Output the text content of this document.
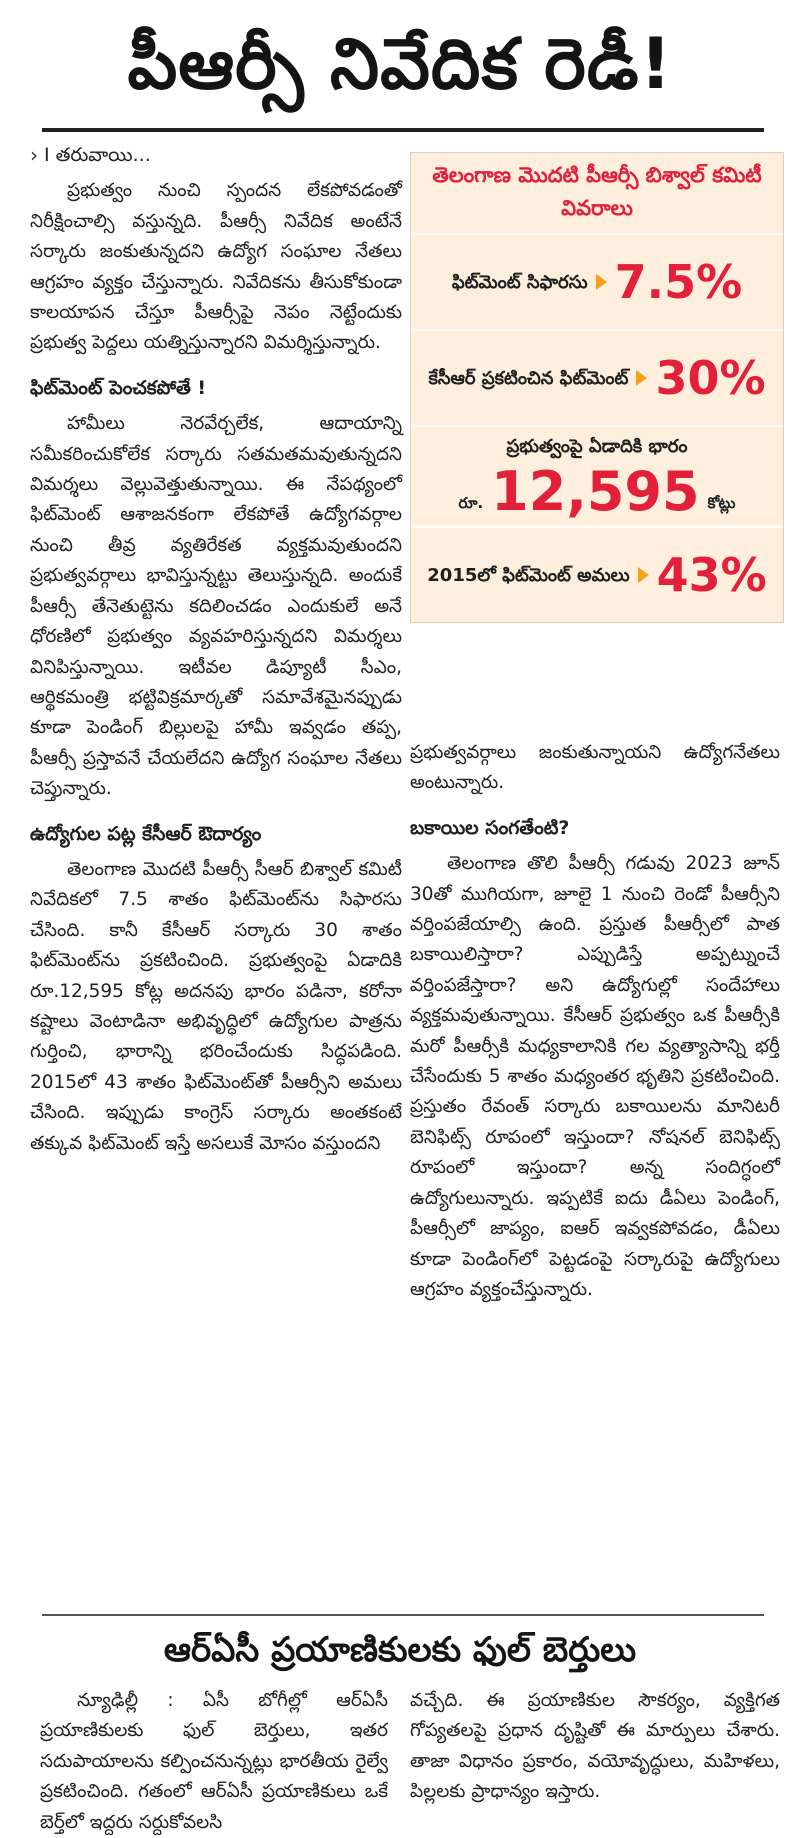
పీఆర్సీ నివేదిక రెడీ!
› I తరువాయి...

ప్రభుత్వం నుంచి స్పందన లేకపోవడంతో నిరీక్షించాల్సి వస్తున్నది. పీఆర్సీ నివేదిక అంటేనే సర్కారు జంకుతున్నదని ఉద్యోగ సంఘాల నేతలు ఆగ్రహం వ్యక్తం చేస్తున్నారు. నివేదికను తీసుకోకుండా కాలయాపన చేస్తూ పీఆర్సీపై నెపం నెట్టేందుకు ప్రభుత్వ పెద్దలు యత్నిస్తున్నారని విమర్శిస్తున్నారు.

ఫిట్‌మెంట్ పెంచకపోతే !

హామీలు నెరవేర్చలేక, ఆదాయాన్ని సమీకరించుకోలేక సర్కారు సతమతమవుతున్నదని విమర్శలు వెల్లువెత్తుతున్నాయి. ఈ నేపథ్యంలో ఫిట్‌మెంట్ ఆశాజనకంగా లేకపోతే ఉద్యోగవర్గాల నుంచి తీవ్ర వ్యతిరేకత వ్యక్తమవుతుందని ప్రభుత్వవర్గాలు భావిస్తున్నట్టు తెలుస్తున్నది. అందుకే పీఆర్సీ తేనెతుట్టెను కదిలించడం ఎందుకులే అనే ధోరణిలో ప్రభుత్వం వ్యవహరిస్తున్నదని విమర్శలు వినిపిస్తున్నాయి. ఇటీవల డిప్యూటీ సీఎం, ఆర్థికమంత్రి భట్టివిక్రమార్కతో సమావేశమైనప్పుడు కూడా పెండింగ్ బిల్లులపై హామీ ఇవ్వడం తప్ప, పీఆర్సీ ప్రస్తావనే చేయలేదని ఉద్యోగ సంఘాల నేతలు చెప్తున్నారు.

ఉద్యోగుల పట్ల కేసీఆర్ ఔదార్యం

తెలంగాణ మొదటి పీఆర్సీ సీఆర్ బిశ్వాల్ కమిటీ నివేదికలో 7.5 శాతం ఫిట్‌మెంట్‌ను సిఫారసు చేసింది. కానీ కేసీఆర్ సర్కారు 30 శాతం ఫిట్‌మెంట్‌ను ప్రకటించింది. ప్రభుత్వంపై ఏడాదికి రూ.12,595 కోట్ల అదనపు భారం పడినా, కరోనా కష్టాలు వెంటాడినా అభివృద్ధిలో ఉద్యోగుల పాత్రను గుర్తించి, భారాన్ని భరించేందుకు సిద్ధపడింది. 2015లో 43 శాతం ఫిట్‌మెంట్‌తో పీఆర్సీని అమలు చేసింది. ఇప్పుడు కాంగ్రెస్ సర్కారు అంతకంటే తక్కువ ఫిట్‌మెంట్ ఇస్తే అసలుకే మోసం వస్తుందని

తెలంగాణ మొదటి పీఆర్సీ బిశ్వాల్ కమిటీ వివరాలు
ఫిట్‌మెంట్ సిఫారసు 7.5%
కేసీఆర్ ప్రకటించిన ఫిట్‌మెంట్ 30%
ప్రభుత్వంపై ఏడాదికి భారం
రూ. 12,595 కోట్లు
2015లో ఫిట్‌మెంట్ అమలు 43%

ప్రభుత్వవర్గాలు జంకుతున్నాయని ఉద్యోగనేతలు అంటున్నారు.

బకాయిల సంగతేంటి?

తెలంగాణ తొలి పీఆర్సీ గడువు 2023 జూన్ 30తో ముగియగా, జూలై 1 నుంచి రెండో పీఆర్సీని వర్తింపజేయాల్సి ఉంది. ప్రస్తుత పీఆర్సీలో పాత బకాయిలిస్తారా? ఎప్పుడిస్తే అప్పట్నుంచే వర్తింపజేస్తారా? అని ఉద్యోగుల్లో సందేహాలు వ్యక్తమవుతున్నాయి. కేసీఆర్ ప్రభుత్వం ఒక పీఆర్సీకి మరో పీఆర్సీకి మధ్యకాలానికి గల వ్యత్యాసాన్ని భర్తీ చేసేందుకు 5 శాతం మధ్యంతర భృతిని ప్రకటించింది. ప్రస్తుతం రేవంత్ సర్కారు బకాయిలను మానిటరీ బెనిఫిట్స్ రూపంలో ఇస్తుందా? నోషనల్ బెనిఫిట్స్ రూపంలో ఇస్తుందా? అన్న సందిగ్ధంలో ఉద్యోగులున్నారు. ఇప్పటికే ఐదు డీఏలు పెండింగ్, పీఆర్సీలో జాప్యం, ఐఆర్ ఇవ్వకపోవడం, డీఏలు కూడా పెండింగ్‌లో పెట్టడంపై సర్కారుపై ఉద్యోగులు ఆగ్రహం వ్యక్తంచేస్తున్నారు.

ఆర్ఏసీ ప్రయాణికులకు ఫుల్ బెర్తులు

న్యూఢిల్లీ : ఏసీ బోగీల్లో ఆర్ఏసీ ప్రయాణికులకు ఫుల్ బెర్తులు, ఇతర సదుపాయాలను కల్పించనున్నట్లు భారతీయ రైల్వే ప్రకటించింది. గతంలో ఆర్ఏసీ ప్రయాణికులు ఒకే బెర్త్‌లో ఇద్దరు సర్దుకోవలసి

వచ్చేది. ఈ ప్రయాణికుల సౌకర్యం, వ్యక్తిగత గోప్యతలపై ప్రధాన దృష్టితో ఈ మార్పులు చేశారు. తాజా విధానం ప్రకారం, వయోవృద్ధులు, మహిళలు, పిల్లలకు ప్రాధాన్యం ఇస్తారు.
